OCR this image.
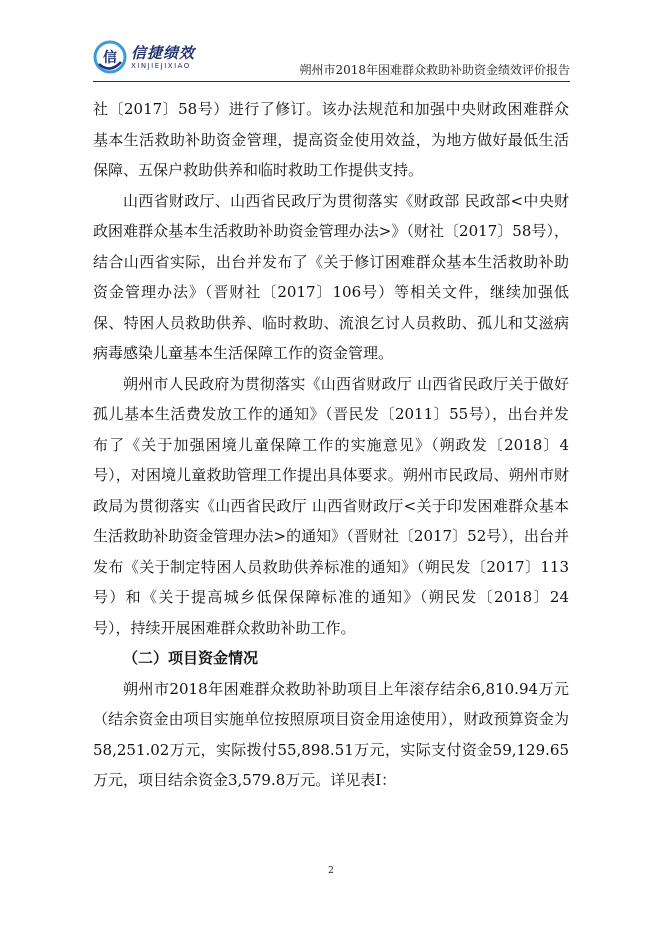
信 信捷绩效
XINJIEJIXIAO	朔州市2018年困难群众救助补助资金绩效评价报告

社〔2017〕58号）进行了修订。该办法规范和加强中央财政困难群众基本生活救助补助资金管理，提高资金使用效益，为地方做好最低生活保障、五保户救助供养和临时救助工作提供支持。

山西省财政厅、山西省民政厅为贯彻落实《财政部 民政部<中央财政困难群众基本生活救助补助资金管理办法>》（财社〔2017〕58号），结合山西省实际，出台并发布了《关于修订困难群众基本生活救助补助资金管理办法》（晋财社〔2017〕106号）等相关文件，继续加强低保、特困人员救助供养、临时救助、流浪乞讨人员救助、孤儿和艾滋病病毒感染儿童基本生活保障工作的资金管理。

朔州市人民政府为贯彻落实《山西省财政厅 山西省民政厅关于做好孤儿基本生活费发放工作的通知》（晋民发〔2011〕55号），出台并发布了《关于加强困境儿童保障工作的实施意见》（朔政发〔2018〕4号），对困境儿童救助管理工作提出具体要求。朔州市民政局、朔州市财政局为贯彻落实《山西省民政厅 山西省财政厅<关于印发困难群众基本生活救助补助资金管理办法>的通知》（晋财社〔2017〕52号），出台并发布《关于制定特困人员救助供养标准的通知》（朔民发〔2017〕113号）和《关于提高城乡低保保障标准的通知》（朔民发〔2018〕24号），持续开展困难群众救助补助工作。

（二）项目资金情况

朔州市2018年困难群众救助补助项目上年滚存结余6,810.94万元（结余资金由项目实施单位按照原项目资金用途使用），财政预算资金为58,251.02万元，实际拨付55,898.51万元，实际支付资金59,129.65万元，项目结余资金3,579.8万元。详见表Ⅰ：

2
